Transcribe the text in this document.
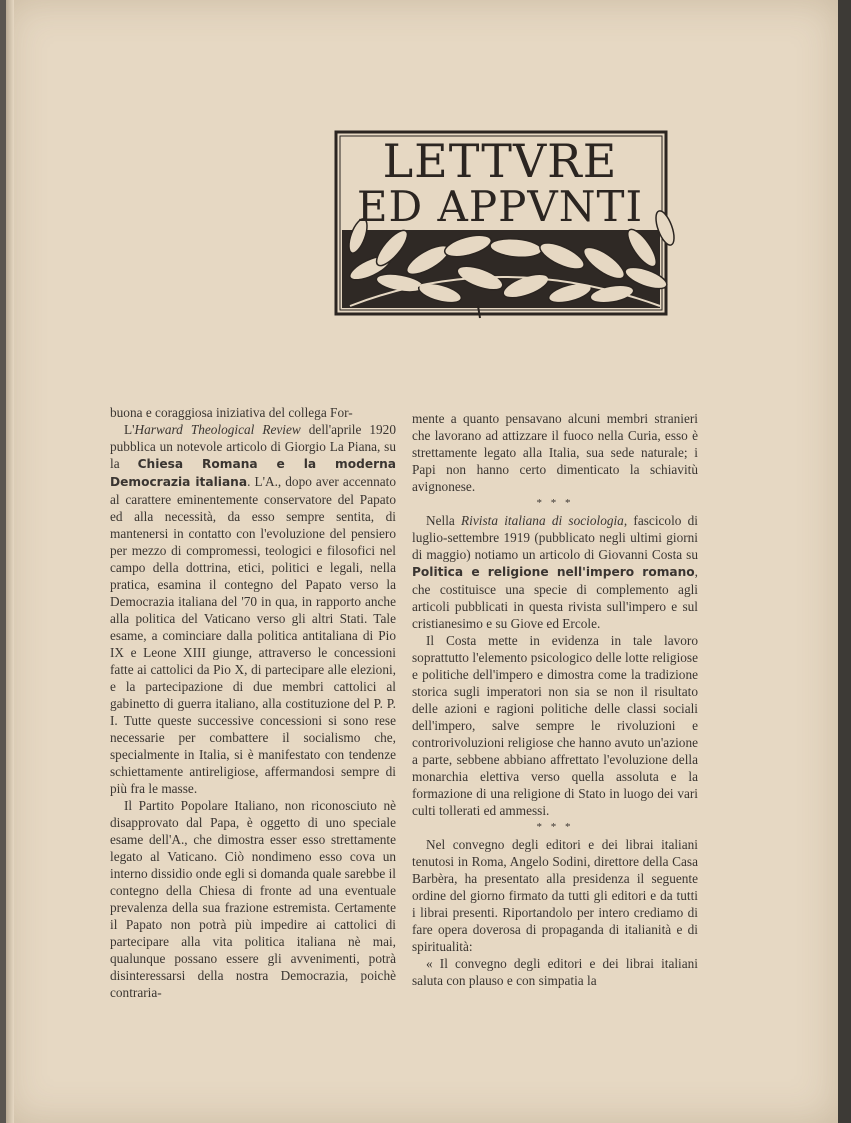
LETTVRE
ED APPVNTI

buona e coraggiosa iniziativa del collega For-

L'Harward Theological Review dell'aprile 1920 pubblica un notevole articolo di Giorgio La Piana, su la Chiesa Romana e la moderna Democrazia italiana. L'A., dopo aver accennato al carattere eminentemente conservatore del Papato ed alla necessità, da esso sempre sentita, di mantenersi in contatto con l'evoluzione del pensiero per mezzo di compromessi, teologici e filosofici nel campo della dottrina, etici, politici e legali, nella pratica, esamina il contegno del Papato verso la Democrazia italiana del '70 in qua, in rapporto anche alla politica del Vaticano verso gli altri Stati. Tale esame, a cominciare dalla politica antitaliana di Pio IX e Leone XIII giunge, attraverso le concessioni fatte ai cattolici da Pio X, di partecipare alle elezioni, e la partecipazione di due membri cattolici al gabinetto di guerra italiano, alla costituzione del P. P. I. Tutte queste successive concessioni si sono rese necessarie per combattere il socialismo che, specialmente in Italia, si è manifestato con tendenze schiettamente antireligiose, affermandosi sempre di più fra le masse.

Il Partito Popolare Italiano, non riconosciuto nè disapprovato dal Papa, è oggetto di uno speciale esame dell'A., che dimostra esser esso strettamente legato al Vaticano. Ciò nondimeno esso cova un interno dissidio onde egli si domanda quale sarebbe il contegno della Chiesa di fronte ad una eventuale prevalenza della sua frazione estremista. Certamente il Papato non potrà più impedire ai cattolici di partecipare alla vita politica italiana nè mai, qualunque possano essere gli avvenimenti, potrà disinteressarsi della nostra Democrazia, poichè contraria-

mente a quanto pensavano alcuni membri stranieri che lavorano ad attizzare il fuoco nella Curia, esso è strettamente legato alla Italia, sua sede naturale; i Papi non hanno certo dimenticato la schiavitù avignonese.

* * *

Nella Rivista italiana di sociologia, fascicolo di luglio-settembre 1919 (pubblicato negli ultimi giorni di maggio) notiamo un articolo di Giovanni Costa su Politica e religione nell'impero romano, che costituisce una specie di complemento agli articoli pubblicati in questa rivista sull'impero e sul cristianesimo e su Giove ed Ercole.

Il Costa mette in evidenza in tale lavoro soprattutto l'elemento psicologico delle lotte religiose e politiche dell'impero e dimostra come la tradizione storica sugli imperatori non sia se non il risultato delle azioni e ragioni politiche delle classi sociali dell'impero, salve sempre le rivoluzioni e controrivoluzioni religiose che hanno avuto un'azione a parte, sebbene abbiano affrettato l'evoluzione della monarchia elettiva verso quella assoluta e la formazione di una religione di Stato in luogo dei vari culti tollerati ed ammessi.

* * *

Nel convegno degli editori e dei librai italiani tenutosi in Roma, Angelo Sodini, direttore della Casa Barbèra, ha presentato alla presidenza il seguente ordine del giorno firmato da tutti gli editori e da tutti i librai presenti. Riportandolo per intero crediamo di fare opera doverosa di propaganda di italianità e di spiritualità:

« Il convegno degli editori e dei librai italiani saluta con plauso e con simpatia la
